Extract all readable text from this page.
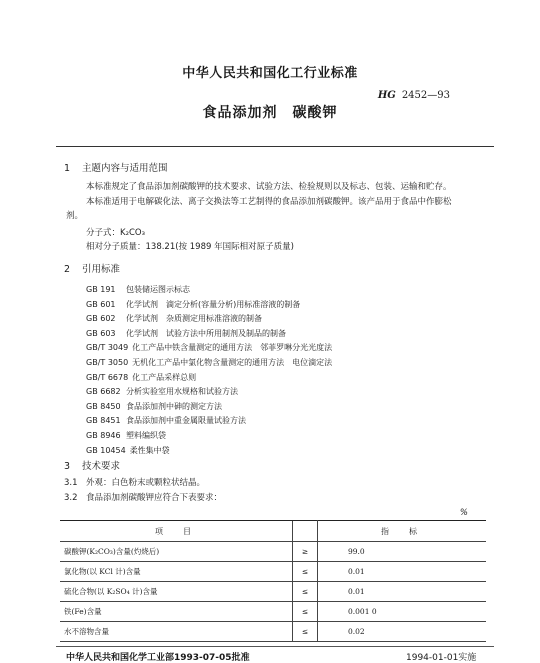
中华人民共和国化工行业标准
HG 2452—93
食品添加剂　碳酸钾
1 主题内容与适用范围
本标准规定了食品添加剂碳酸钾的技术要求、试验方法、检验规则以及标志、包装、运输和贮存。
本标准适用于电解碳化法、离子交换法等工艺制得的食品添加剂碳酸钾。该产品用于食品中作膨松
剂。
分子式：K₂CO₃
相对分子质量：138.21(按 1989 年国际相对原子质量)
2 引用标准
GB 191 包装储运图示标志
GB 601 化学试剂　滴定分析(容量分析)用标准溶液的制备
GB 602 化学试剂　杂质测定用标准溶液的制备
GB 603 化学试剂　试验方法中所用制剂及制品的制备
GB/T 3049 化工产品中铁含量测定的通用方法　邻菲罗啉分光光度法
GB/T 3050 无机化工产品中氯化物含量测定的通用方法　电位滴定法
GB/T 6678 化工产品采样总则
GB 6682 分析实验室用水规格和试验方法
GB 8450 食品添加剂中砷的测定方法
GB 8451 食品添加剂中重金属限量试验方法
GB 8946 塑料编织袋
GB 10454 柔性集中袋
3 技术要求
3.1　外观：白色粉末或颗粒状结晶。
3.2　食品添加剂碳酸钾应符合下表要求：
%
项　目			指　标
碳酸钾(K₂CO₃)含量(灼烧后)		≥	99.0
氯化物(以 KCl 计)含量		≤	0.01
硫化合物(以 K₂SO₄ 计)含量		≤	0.01
铁(Fe)含量		≤	0.001 0
水不溶物含量		≤	0.02
中华人民共和国化学工业部1993-07-05批准	1994-01-01实施
